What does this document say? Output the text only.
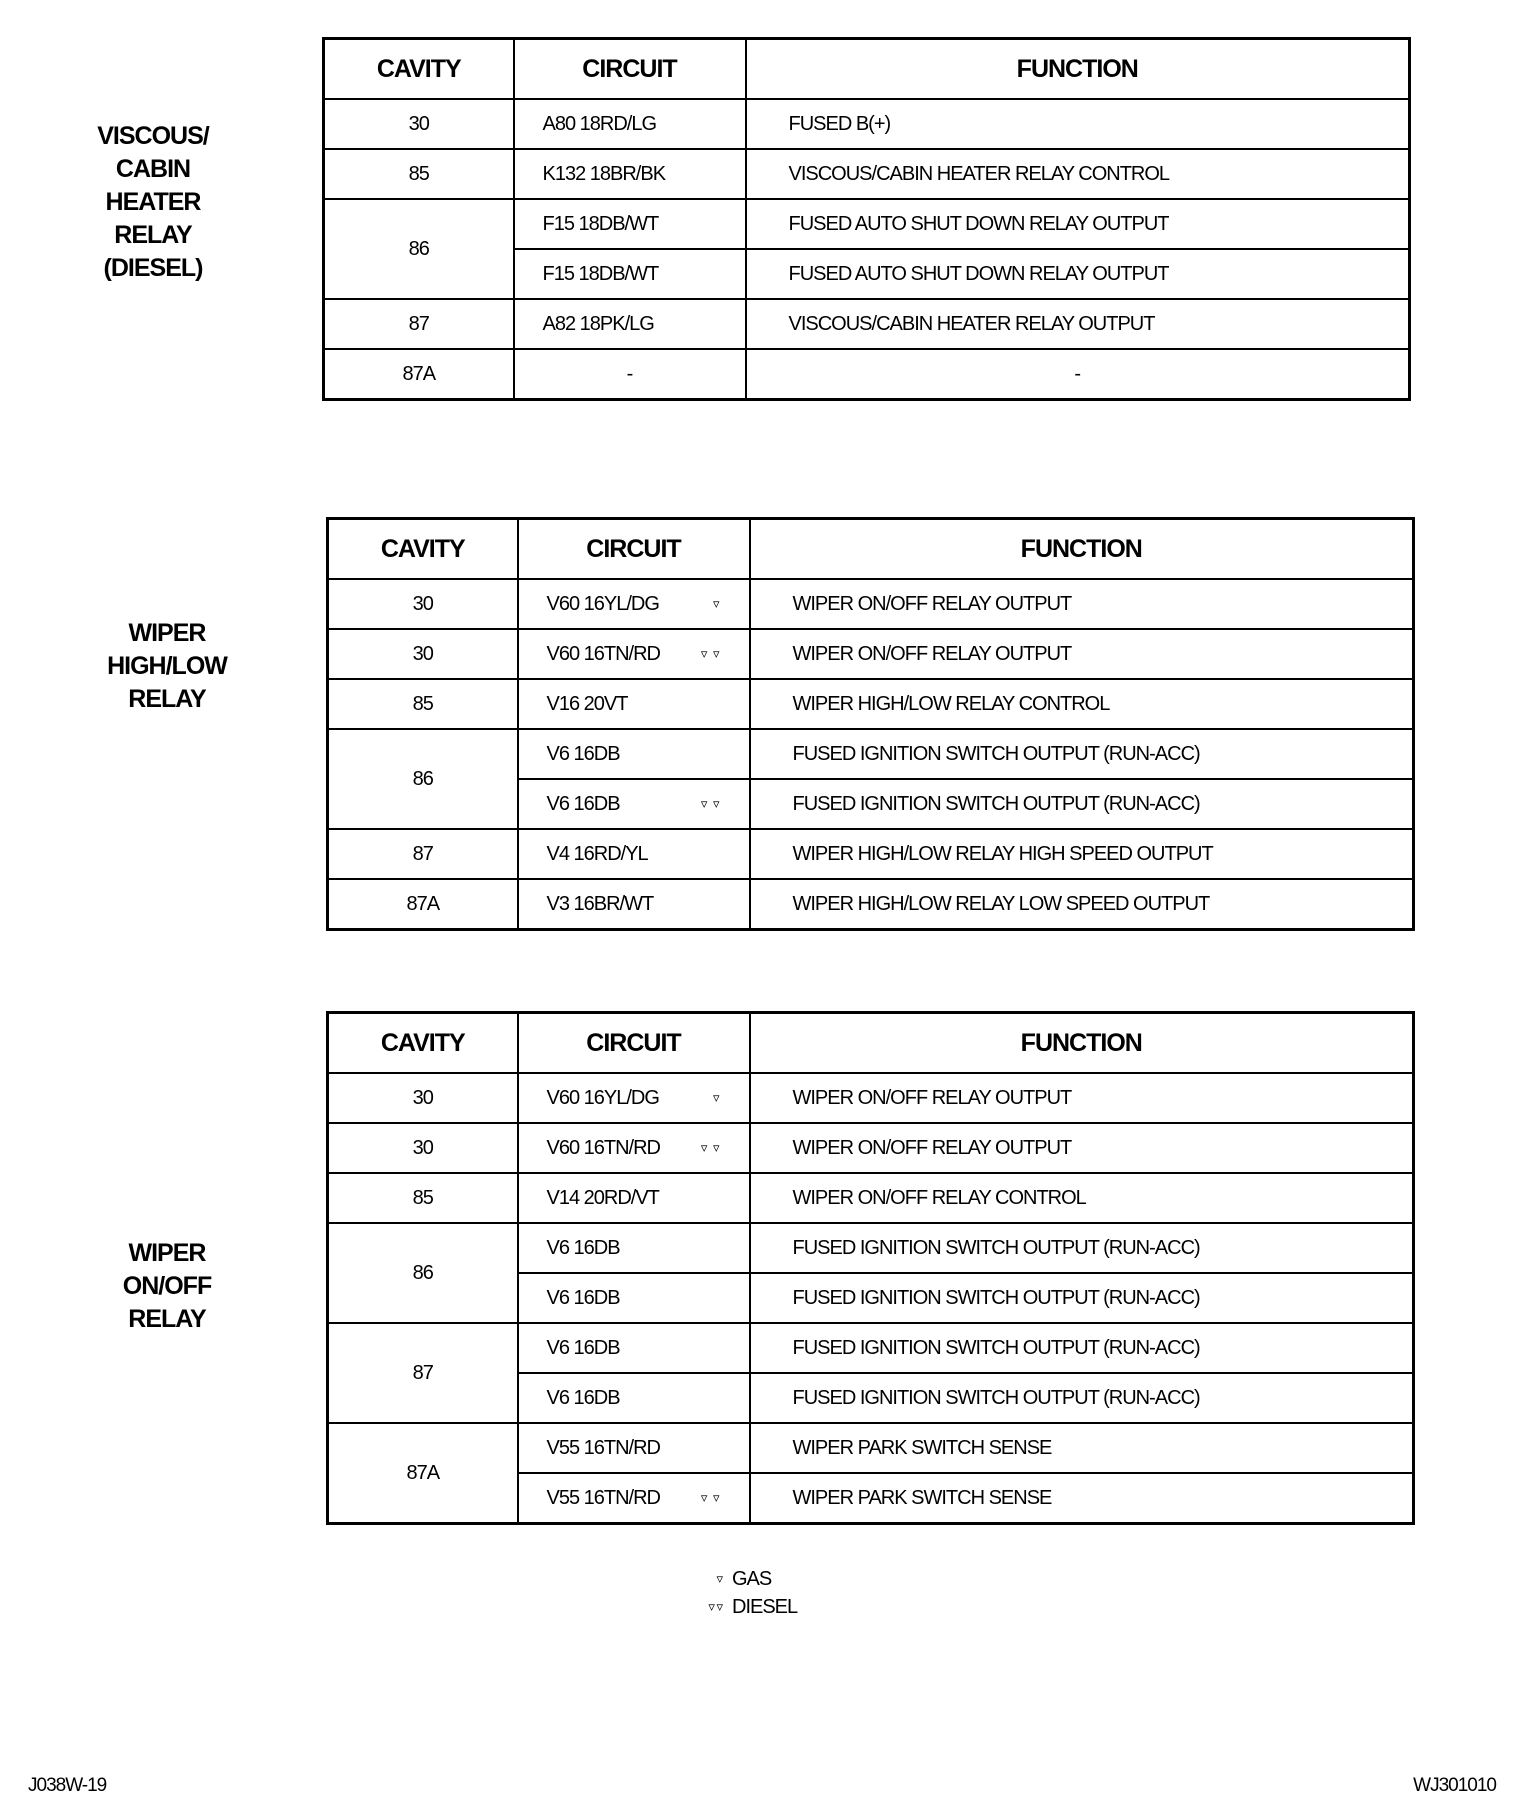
VISCOUS/
CABIN
HEATER
RELAY
(DIESEL)
CAVITY	CIRCUIT	FUNCTION
30	A80 18RD/LG	FUSED B(+)
85	K132 18BR/BK	VISCOUS/CABIN HEATER RELAY CONTROL
86	F15 18DB/WT	FUSED AUTO SHUT DOWN RELAY OUTPUT
	F15 18DB/WT	FUSED AUTO SHUT DOWN RELAY OUTPUT
87	A82 18PK/LG	VISCOUS/CABIN HEATER RELAY OUTPUT
87A	-	-
WIPER
HIGH/LOW
RELAY
CAVITY	CIRCUIT	FUNCTION
30	V60 16YL/DG ▿	WIPER ON/OFF RELAY OUTPUT
30	V60 16TN/RD ▿ ▿	WIPER ON/OFF RELAY OUTPUT
85	V16 20VT	WIPER HIGH/LOW RELAY CONTROL
86	V6 16DB	FUSED IGNITION SWITCH OUTPUT (RUN-ACC)
	V6 16DB ▿ ▿	FUSED IGNITION SWITCH OUTPUT (RUN-ACC)
87	V4 16RD/YL	WIPER HIGH/LOW RELAY HIGH SPEED OUTPUT
87A	V3 16BR/WT	WIPER HIGH/LOW RELAY LOW SPEED OUTPUT
WIPER
ON/OFF
RELAY
CAVITY	CIRCUIT	FUNCTION
30	V60 16YL/DG ▿	WIPER ON/OFF RELAY OUTPUT
30	V60 16TN/RD ▿ ▿	WIPER ON/OFF RELAY OUTPUT
85	V14 20RD/VT	WIPER ON/OFF RELAY CONTROL
86	V6 16DB	FUSED IGNITION SWITCH OUTPUT (RUN-ACC)
	V6 16DB	FUSED IGNITION SWITCH OUTPUT (RUN-ACC)
87	V6 16DB	FUSED IGNITION SWITCH OUTPUT (RUN-ACC)
	V6 16DB	FUSED IGNITION SWITCH OUTPUT (RUN-ACC)
87A	V55 16TN/RD	WIPER PARK SWITCH SENSE
	V55 16TN/RD ▿ ▿	WIPER PARK SWITCH SENSE
▿ GAS
▿ ▿ DIESEL
J038W-19	WJ301010
